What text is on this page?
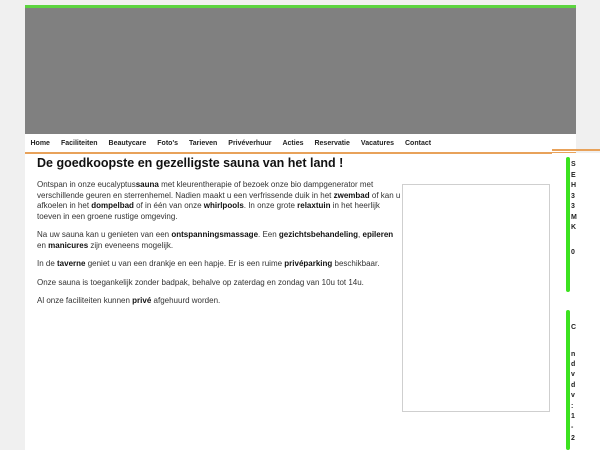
Home	Faciliteiten	Beautycare	Foto's	Tarieven	Privéverhuur	Acties	Reservatie	Vacatures	Contact
De goedkoopste en gezelligste sauna van het land !

Ontspan in onze eucalyptussauna met kleurentherapie of bezoek onze bio dampgenerator met verschillende geuren en sterrenhemel. Nadien maakt u een verfrissende duik in het zwembad of kan u afkoelen in het dompelbad of in één van onze whirlpools. In onze grote relaxtuin in het heerlijk toeven in een groene rustige omgeving.

Na uw sauna kan u genieten van een ontspanningsmassage. Een gezichtsbehandeling, epileren en manicures zijn eveneens mogelijk.

In de taverne geniet u van een drankje en een hapje. Er is een ruime privéparking beschikbaar.

Onze sauna is toegankelijk zonder badpak, behalve op zaterdag en zondag van 10u tot 14u.

Al onze faciliteiten kunnen privé afgehuurd worden.

S
E
H
3
3
M
K
0
C
n
d
v
d
v
:
1
-
2
